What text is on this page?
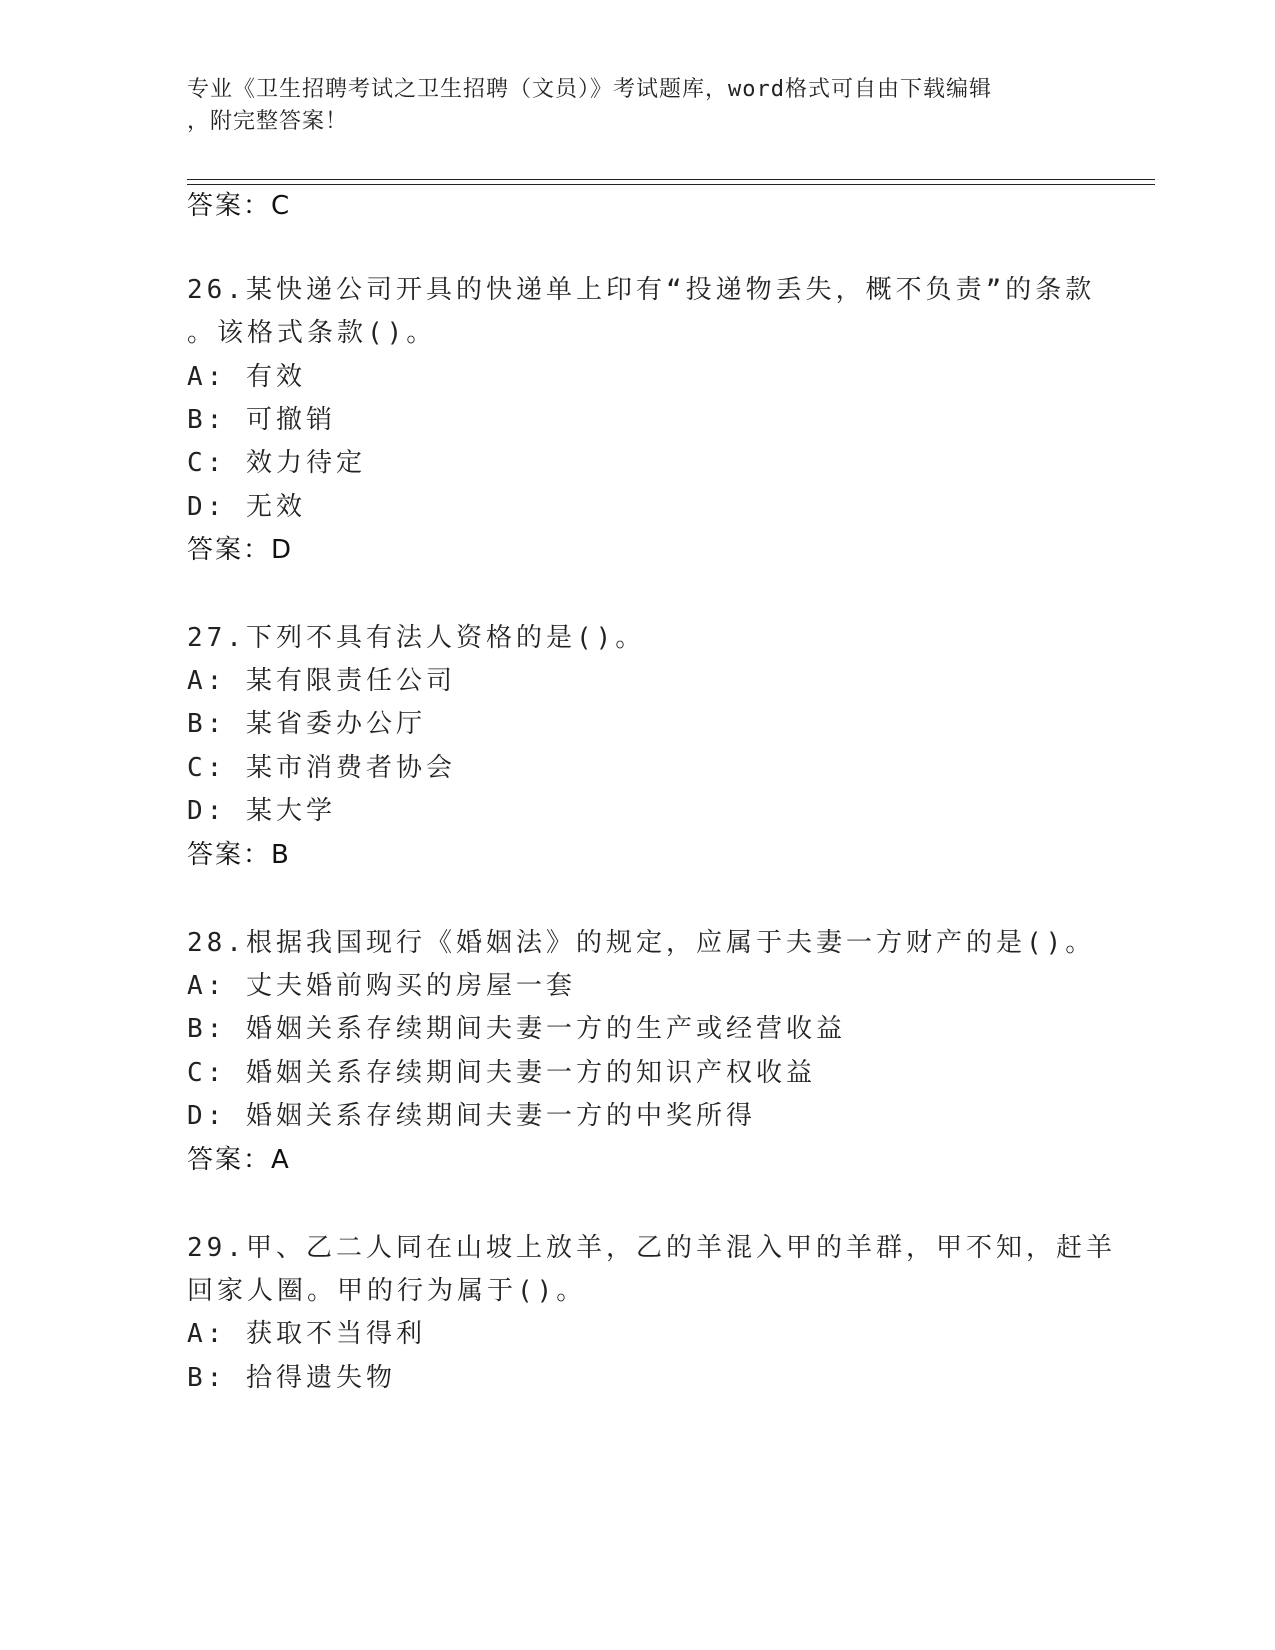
专业《卫生招聘考试之卫生招聘（文员）》考试题库，word格式可自由下载编辑
，附完整答案！
答案：C
26.某快递公司开具的快递单上印有“投递物丢失，概不负责”的条款
。该格式条款()。
A: 有效
B: 可撤销
C: 效力待定
D: 无效
答案：D
27.下列不具有法人资格的是()。
A: 某有限责任公司
B: 某省委办公厅
C: 某市消费者协会
D: 某大学
答案：B
28.根据我国现行《婚姻法》的规定，应属于夫妻一方财产的是()。
A: 丈夫婚前购买的房屋一套
B: 婚姻关系存续期间夫妻一方的生产或经营收益
C: 婚姻关系存续期间夫妻一方的知识产权收益
D: 婚姻关系存续期间夫妻一方的中奖所得
答案：A
29.甲、乙二人同在山坡上放羊，乙的羊混入甲的羊群，甲不知，赶羊
回家人圈。甲的行为属于()。
A: 获取不当得利
B: 拾得遗失物
